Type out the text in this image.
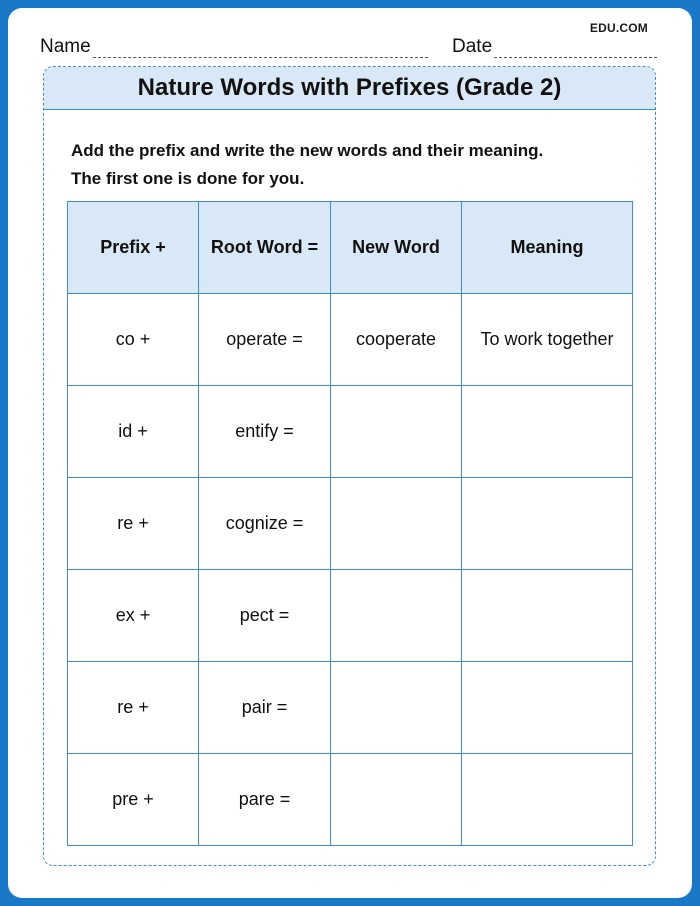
EDU.COM
Name	Date
Nature Words with Prefixes (Grade 2)
Add the prefix and write the new words and their meaning.
The first one is done for you.
Prefix +	Root Word =	New Word	Meaning
co +	operate =	cooperate	To work together
id +	entify =		
re +	cognize =		
ex +	pect =		
re +	pair =		
pre +	pare =		
